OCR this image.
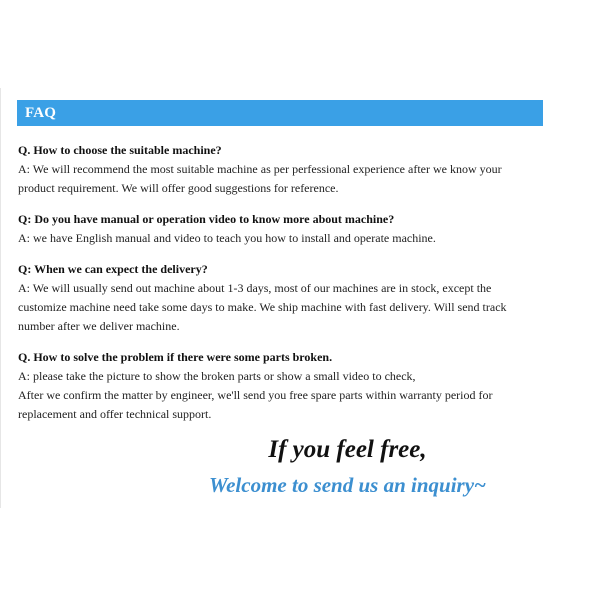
FAQ
Q. How to choose the suitable machine?
A: We will recommend the most suitable machine as per perfessional experience after we know your
product requirement. We will offer good suggestions for reference.
Q: Do you have manual or operation video to know more about machine?
A: we have English manual and video to teach you how to install and operate machine.
Q: When we can expect the delivery?
A: We will usually send out machine about 1-3 days, most of our machines are in stock, except the
customize machine need take some days to make. We ship machine with fast delivery. Will send track
number after we deliver machine.
Q. How to solve the problem if there were some parts broken.
A: please take the picture to show the broken parts or show a small video to check,
After we confirm the matter by engineer, we'll send you free spare parts within warranty period for
replacement and offer technical support.
If you feel free,
Welcome to send us an inquiry~
